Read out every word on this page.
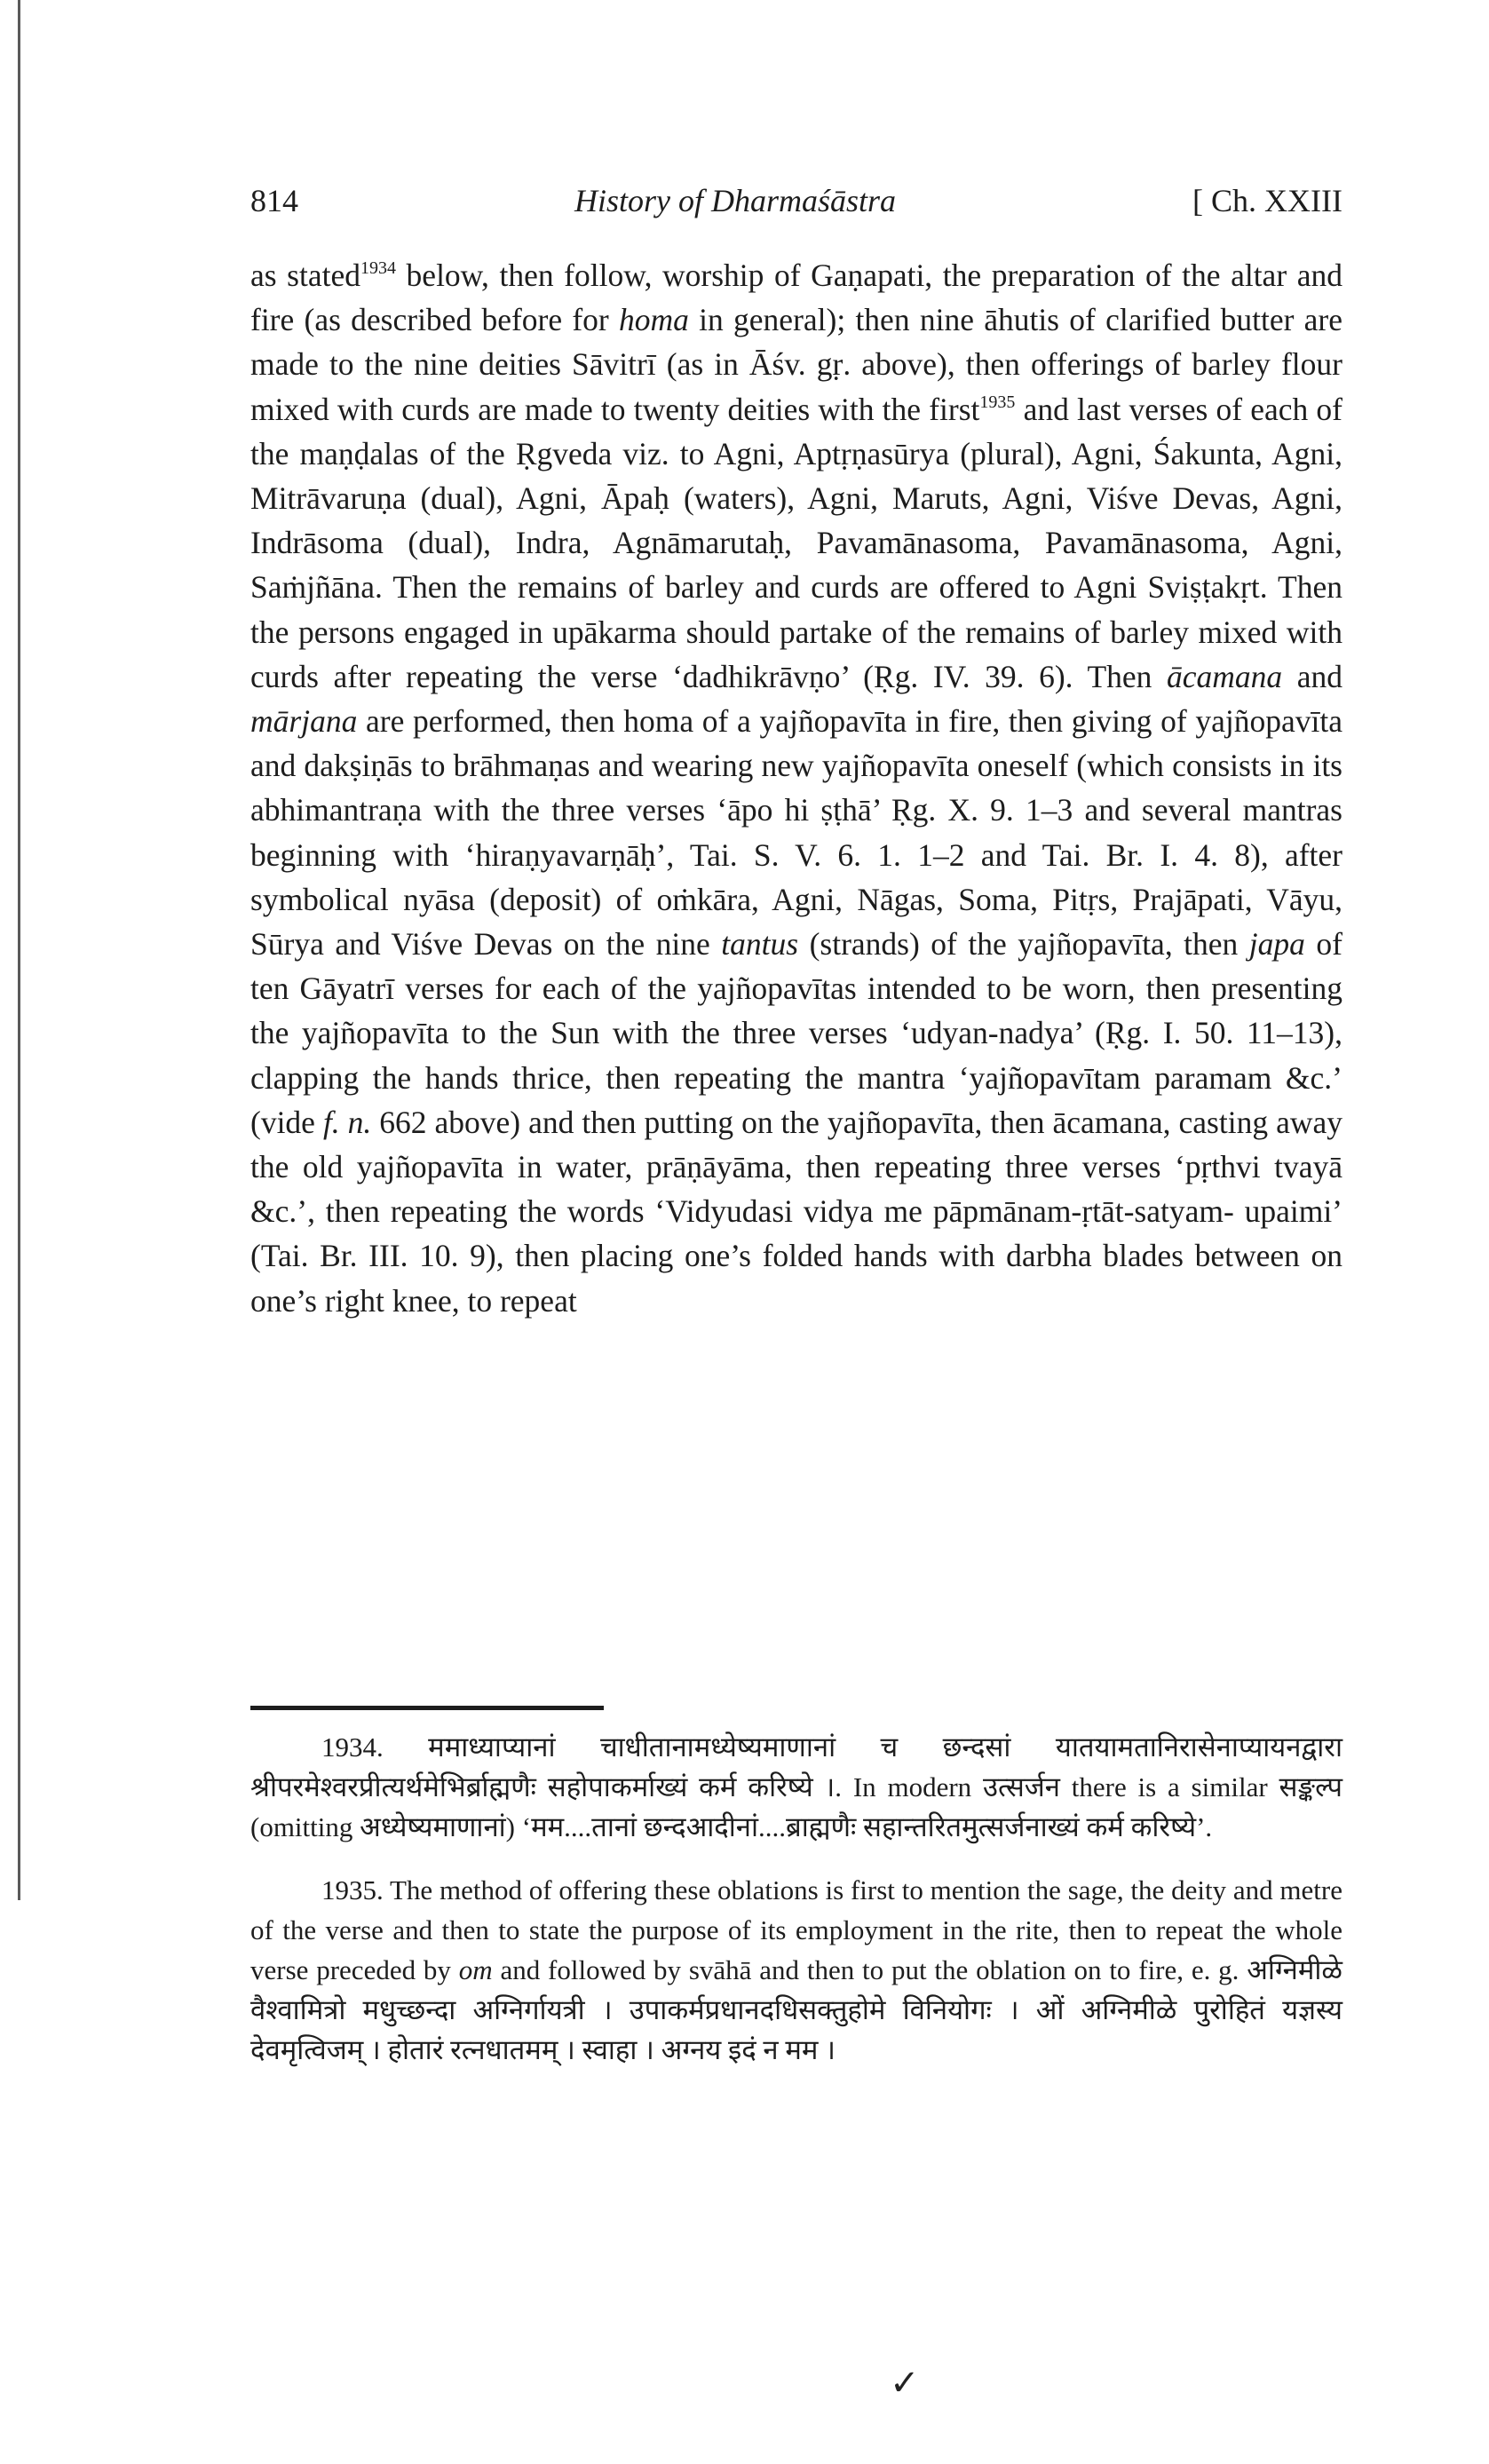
814	History of Dharmaśāstra	[ Ch. XXIII

as stated$^{1934}$ below, then follow, worship of Gaṇapati, the preparation of the altar and fire (as described before for homa in general); then nine āhutis of clarified butter are made to the nine deities Sāvitrī (as in Āśv. gṛ. above), then offerings of barley flour mixed with curds are made to twenty deities with the first$^{1935}$ and last verses of each of the maṇḍalas of the Ṛgveda viz. to Agni, Aptṛṇasūrya (plural), Agni, Śakunta, Agni, Mitrāvaruṇa (dual), Agni, Āpaḥ (waters), Agni, Maruts, Agni, Viśve Devas, Agni, Indrāsoma (dual), Indra, Agnāmarutaḥ, Pavamānasoma, Pavamānasoma, Agni, Saṁjñāna. Then the remains of barley and curds are offered to Agni Sviṣṭakṛt. Then the persons engaged in upākarma should partake of the remains of barley mixed with curds after repeating the verse ‘dadhikrāvṇo’ (Ṛg. IV. 39. 6). Then ācamana and mārjana are performed, then homa of a yajñopavīta in fire, then giving of yajñopavīta and dakṣiṇās to brāhmaṇas and wearing new yajñopavīta oneself (which consists in its abhimantraṇa with the three verses ‘āpo hi ṣṭhā’ Ṛg. X. 9. 1–3 and several mantras beginning with ‘hiraṇyavarṇāḥ’, Tai. S. V. 6. 1. 1–2 and Tai. Br. I. 4. 8), after symbolical nyāsa (deposit) of oṁkāra, Agni, Nāgas, Soma, Pitṛs, Prajāpati, Vāyu, Sūrya and Viśve Devas on the nine tantus (strands) of the yajñopavīta, then japa of ten Gāyatrī verses for each of the yajñopavītas intended to be worn, then presenting the yajñopavīta to the Sun with the three verses ‘udyan-nadya’ (Ṛg. I. 50. 11–13), clapping the hands thrice, then repeating the mantra ‘yajñopavītam paramam &c.’ (vide f. n. 662 above) and then putting on the yajñopavīta, then ācamana, casting away the old yajñopavīta in water, prāṇāyāma, then repeating three verses ‘pṛthvi tvayā &c.’, then repeating the words ‘Vidyudasi vidya me pāpmānam-ṛtāt-satyam- upaimi’ (Tai. Br. III. 10. 9), then placing one’s folded hands with darbha blades between on one’s right knee, to repeat

1934. ममाध्याप्यानां चाधीतानामध्येष्यमाणानां च छन्दसां यातयामतानिरासेनाप्यायनद्वारा श्रीपरमेश्वरप्रीत्यर्थमेभिर्ब्राह्मणैः सहोपाकर्माख्यं कर्म करिष्ये ।. In modern उत्सर्जन there is a similar सङ्कल्प (omitting अध्येष्यमाणानां) ‘मम....तानां छन्दआदीनां....ब्राह्मणैः सहान्तरितमुत्सर्जनाख्यं कर्म करिष्ये’.

1935. The method of offering these oblations is first to mention the sage, the deity and metre of the verse and then to state the purpose of its employment in the rite, then to repeat the whole verse preceded by om and followed by svāhā and then to put the oblation on to fire, e. g. अग्निमीळे वैश्वामित्रो मधुच्छन्दा अग्निर्गायत्री । उपाकर्मप्रधानदधिसक्तुहोमे विनियोगः । ओं अग्निमीळे पुरोहितं यज्ञस्य देवमृत्विजम् । होतारं रत्नधातमम् । स्वाहा । अग्नय इदं न मम ।

✓
